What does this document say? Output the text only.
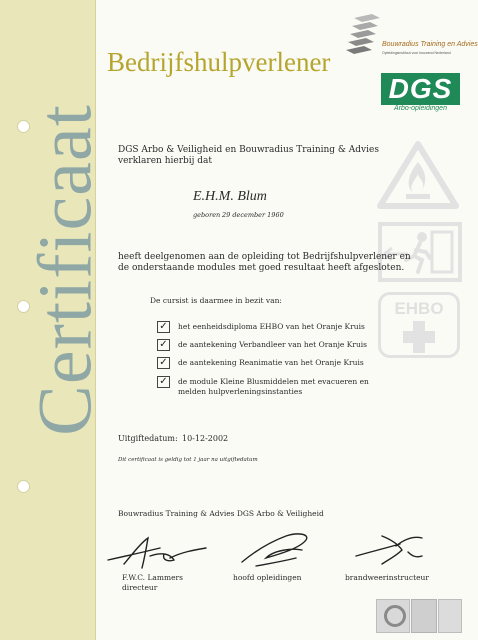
Certificaat
Bedrijfshulpverlener
Bouwradius Training en Advies
Opleidingsinstituut voor bouwend Nederland
DGS
Arbo-opleidingen
EHBO
DGS Arbo & Veiligheid en Bouwradius Training & Advies
verklaren hierbij dat
E.H.M. Blum
geboren 29 december 1960
heeft deelgenomen aan de opleiding tot Bedrijfshulpverlener en
de onderstaande modules met goed resultaat heeft afgesloten.
De cursist is daarmee in bezit van:
✓	het eenheidsdiploma EHBO van het Oranje Kruis
✓	de aantekening Verbandleer van het Oranje Kruis
✓	de aantekening Reanimatie van het Oranje Kruis
✓	de module Kleine Blusmiddelen met evacueren en
melden hulpverleningsinstanties
Uitgiftedatum: 10-12-2002
Dit certificaat is geldig tot 1 jaar na uitgiftedatum
Bouwradius Training & Advies DGS Arbo & Veiligheid
F.W.C. Lammers
directeur
hoofd opleidingen	brandweerinstructeur
